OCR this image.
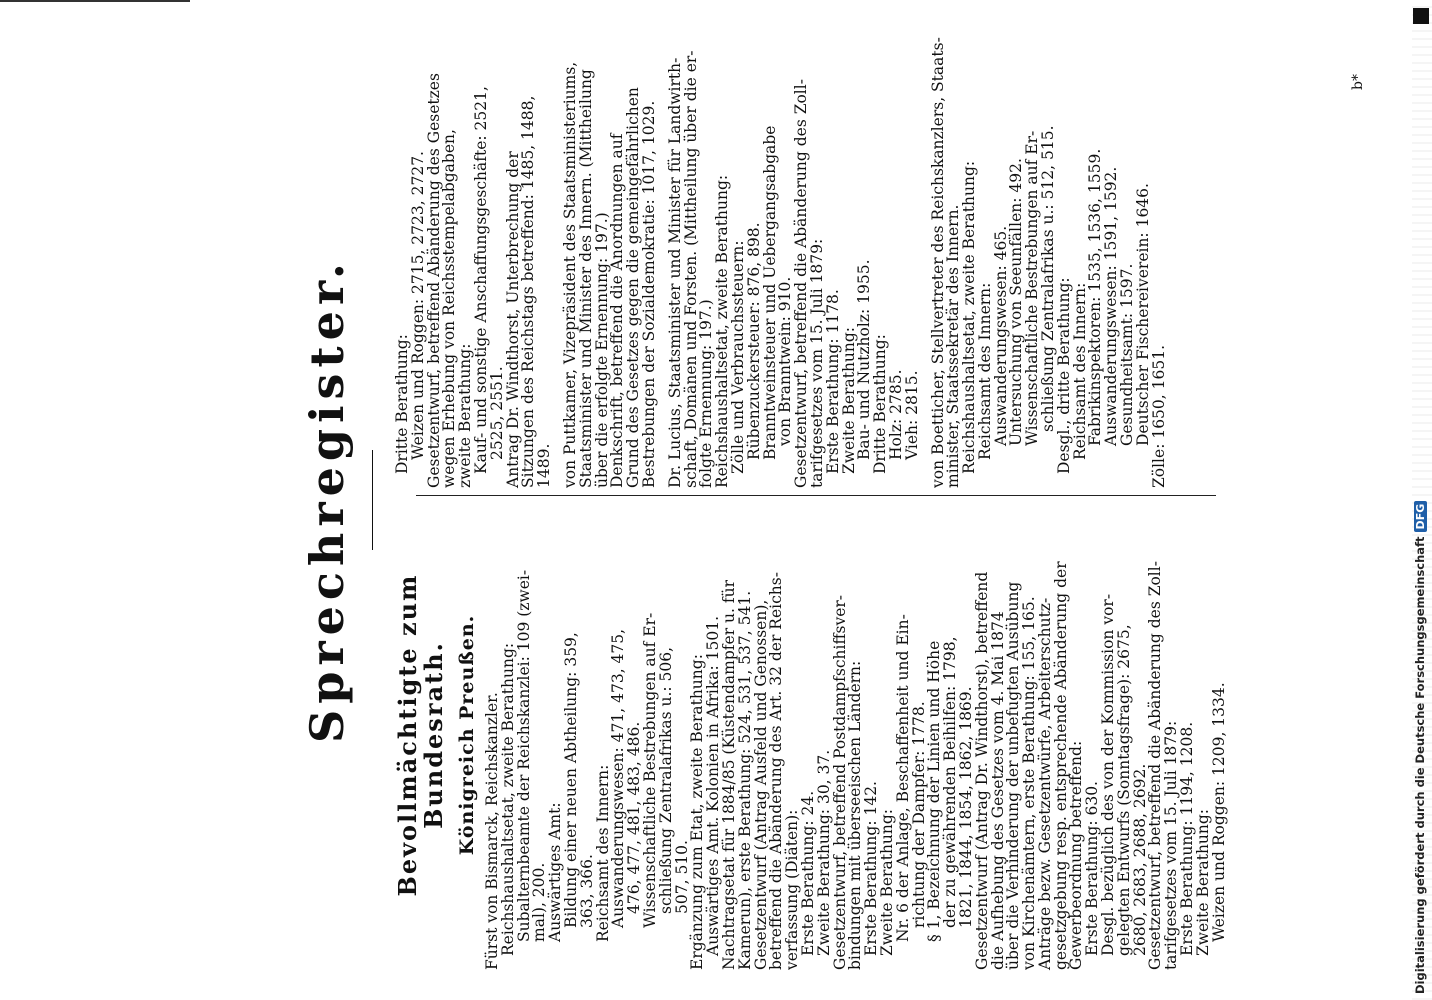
Sprechregister. Bevollmächtigte zum Bundesrath. Königreich Preußen. Fürst von Bismarck, Reichskanzler.
Reichshaushaltsetat, zweite Berathung:
Subalternbeamte der Reichskanzlei: 109 (zwei-
mal), 200.
Auswärtiges Amt:
Bildung einer neuen Abtheilung: 359,
363, 366.
Reichsamt des Innern:
Auswanderungswesen: 471, 473, 475,
476, 477, 481, 483, 486.
Wissenschaftliche Bestrebungen auf Er-
schließung Zentralafrikas u.: 506,
507, 510.
Ergänzung zum Etat, zweite Berathung:
Auswärtiges Amt. Kolonien in Afrika: 1501.
Nachtragsetat für 1884/85 (Küstendampfer u. für
Kamerun), erste Berathung: 524, 531, 537, 541.
Gesetzentwurf (Antrag Ausfeld und Genossen),
betreffend die Abänderung des Art. 32 der Reichs-
verfassung (Diäten):
Erste Berathung: 24.
Zweite Berathung: 30, 37.
Gesetzentwurf, betreffend Postdampfschiffsver-
bindungen mit überseeischen Ländern:
Erste Berathung: 142.
Zweite Berathung:
Nr. 6 der Anlage, Beschaffenheit und Ein-
richtung der Dampfer: 1778.
§ 1, Bezeichnung der Linien und Höhe
der zu gewährenden Beihilfen: 1798,
1821, 1844, 1854, 1862, 1869.
Gesetzentwurf (Antrag Dr. Windthorst), betreffend
die Aufhebung des Gesetzes vom 4. Mai 1874
über die Verhinderung der unbefugten Ausübung
von Kirchenämtern, erste Berathung: 155, 165.
Anträge bezw. Gesetzentwürfe, Arbeiterschutz-
gesetzgebung resp. entsprechende Abänderung der
Gewerbeordnung betreffend:
Erste Berathung: 630.
Desgl. bezüglich des von der Kommission vor-
gelegten Entwurfs (Sonntagsfrage): 2675,
2680, 2683, 2688, 2692.
Gesetzentwurf, betreffend die Abänderung des Zoll-
tarifgesetzes vom 15. Juli 1879:
Erste Berathung: 1194, 1208.
Zweite Berathung:
Weizen und Roggen: 1209, 1334.
Dritte Berathung:
Weizen und Roggen: 2715, 2723, 2727.
Gesetzentwurf, betreffend Abänderung des Gesetzes
wegen Erhebung von Reichsstempelabgaben,
zweite Berathung:
Kauf- und sonstige Anschaffungsgeschäfte: 2521,
2525, 2551.
Antrag Dr. Windthorst, Unterbrechung der
Sitzungen des Reichstags betreffend: 1485, 1488,
1489. von Puttkamer, Vizepräsident des Staatsministeriums,
Staatsminister und Minister des Innern. (Mittheilung
über die erfolgte Ernennung: 197.)
Denkschrift, betreffend die Anordnungen auf
Grund des Gesetzes gegen die gemeingefährlichen
Bestrebungen der Sozialdemokratie: 1017, 1029. Dr. Lucius, Staatsminister und Minister für Landwirth-
schaft, Domänen und Forsten. (Mittheilung über die er-
folgte Ernennung: 197.)
Reichshaushaltsetat, zweite Berathung:
Zölle und Verbrauchssteuern:
Rübenzuckersteuer: 876, 898.
Branntweinsteuer und Uebergangsabgabe
von Branntwein: 910.
Gesetzentwurf, betreffend die Abänderung des Zoll-
tarifgesetzes vom 15. Juli 1879:
Erste Berathung: 1178.
Zweite Berathung:
Bau- und Nutzholz: 1955.
Dritte Berathung:
Holz: 2785.
Vieh: 2815. von Boetticher, Stellvertreter des Reichskanzlers, Staats-
minister, Staatssekretär des Innern.
Reichshaushaltsetat, zweite Berathung:
Reichsamt des Innern:
Auswanderungswesen: 465.
Untersuchung von Seeunfällen: 492.
Wissenschaftliche Bestrebungen auf Er-
schließung Zentralafrikas u.: 512, 515.
Desgl., dritte Berathung:
Reichsamt des Innern:
Fabrikinspektoren: 1535, 1536, 1559.
Auswanderungswesen: 1591, 1592.
Gesundheitsamt: 1597.
Deutscher Fischereiverein: 1646.
Zölle: 1650, 1651.
b*
Digitalisierung gefördert durch die Deutsche Forschungsgemeinschaft
DFG
